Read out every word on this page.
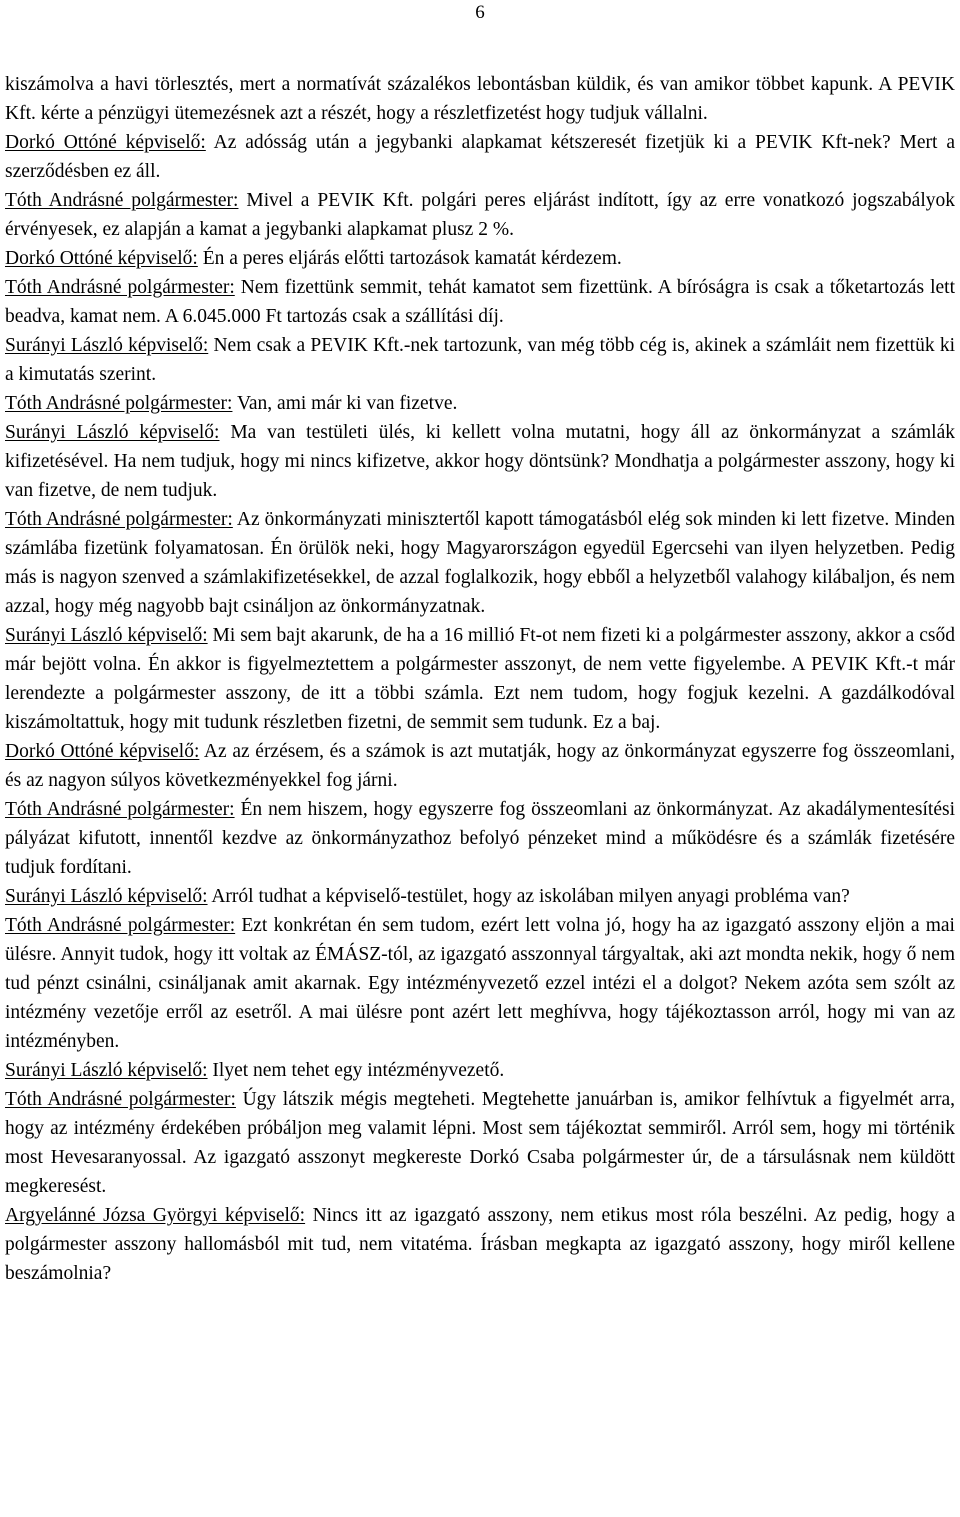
6

kiszámolva a havi törlesztés, mert a normatívát százalékos lebontásban küldik, és van amikor többet kapunk. A PEVIK Kft. kérte a pénzügyi ütemezésnek azt a részét, hogy a részletfizetést hogy tudjuk vállalni.

Dorkó Ottóné képviselő: Az adósság után a jegybanki alapkamat kétszeresét fizetjük ki a PEVIK Kft-nek? Mert a szerződésben ez áll.

Tóth Andrásné polgármester: Mivel a PEVIK Kft. polgári peres eljárást indított, így az erre vonatkozó jogszabályok érvényesek, ez alapján a kamat a jegybanki alapkamat plusz 2 %.

Dorkó Ottóné képviselő: Én a peres eljárás előtti tartozások kamatát kérdezem.

Tóth Andrásné polgármester: Nem fizettünk semmit, tehát kamatot sem fizettünk. A bíróságra is csak a tőketartozás lett beadva, kamat nem. A 6.045.000 Ft tartozás csak a szállítási díj.

Surányi László képviselő: Nem csak a PEVIK Kft.-nek tartozunk, van még több cég is, akinek a számláit nem fizettük ki a kimutatás szerint.

Tóth Andrásné polgármester: Van, ami már ki van fizetve.

Surányi László képviselő: Ma van testületi ülés, ki kellett volna mutatni, hogy áll az önkormányzat a számlák kifizetésével. Ha nem tudjuk, hogy mi nincs kifizetve, akkor hogy döntsünk? Mondhatja a polgármester asszony, hogy ki van fizetve, de nem tudjuk.

Tóth Andrásné polgármester: Az önkormányzati minisztertől kapott támogatásból elég sok minden ki lett fizetve. Minden számlába fizetünk folyamatosan. Én örülök neki, hogy Magyarországon egyedül Egercsehi van ilyen helyzetben. Pedig más is nagyon szenved a számlakifizetésekkel, de azzal foglalkozik, hogy ebből a helyzetből valahogy kilábaljon, és nem azzal, hogy még nagyobb bajt csináljon az önkormányzatnak.

Surányi László képviselő: Mi sem bajt akarunk, de ha a 16 millió Ft-ot nem fizeti ki a polgármester asszony, akkor a csőd már bejött volna. Én akkor is figyelmeztettem a polgármester asszonyt, de nem vette figyelembe. A PEVIK Kft.-t már lerendezte a polgármester asszony, de itt a többi számla. Ezt nem tudom, hogy fogjuk kezelni. A gazdálkodóval kiszámoltattuk, hogy mit tudunk részletben fizetni, de semmit sem tudunk. Ez a baj.

Dorkó Ottóné képviselő: Az az érzésem, és a számok is azt mutatják, hogy az önkormányzat egyszerre fog összeomlani, és az nagyon súlyos következményekkel fog járni.

Tóth Andrásné polgármester: Én nem hiszem, hogy egyszerre fog összeomlani az önkormányzat. Az akadálymentesítési pályázat kifutott, innentől kezdve az önkormányzathoz befolyó pénzeket mind a működésre és a számlák fizetésére tudjuk fordítani.

Surányi László képviselő: Arról tudhat a képviselő-testület, hogy az iskolában milyen anyagi probléma van?

Tóth Andrásné polgármester: Ezt konkrétan én sem tudom, ezért lett volna jó, hogy ha az igazgató asszony eljön a mai ülésre. Annyit tudok, hogy itt voltak az ÉMÁSZ-tól, az igazgató asszonnyal tárgyaltak, aki azt mondta nekik, hogy ő nem tud pénzt csinálni, csináljanak amit akarnak. Egy intézményvezető ezzel intézi el a dolgot? Nekem azóta sem szólt az intézmény vezetője erről az esetről. A mai ülésre pont azért lett meghívva, hogy tájékoztasson arról, hogy mi van az intézményben.

Surányi László képviselő: Ilyet nem tehet egy intézményvezető.

Tóth Andrásné polgármester: Úgy látszik mégis megteheti. Megtehette januárban is, amikor felhívtuk a figyelmét arra, hogy az intézmény érdekében próbáljon meg valamit lépni. Most sem tájékoztat semmiről. Arról sem, hogy mi történik most Hevesaranyossal. Az igazgató asszonyt megkereste Dorkó Csaba polgármester úr, de a társulásnak nem küldött megkeresést.

Argyelánné Józsa Györgyi képviselő: Nincs itt az igazgató asszony, nem etikus most róla beszélni. Az pedig, hogy a polgármester asszony hallomásból mit tud, nem vitatéma. Írásban megkapta az igazgató asszony, hogy miről kellene beszámolnia?
